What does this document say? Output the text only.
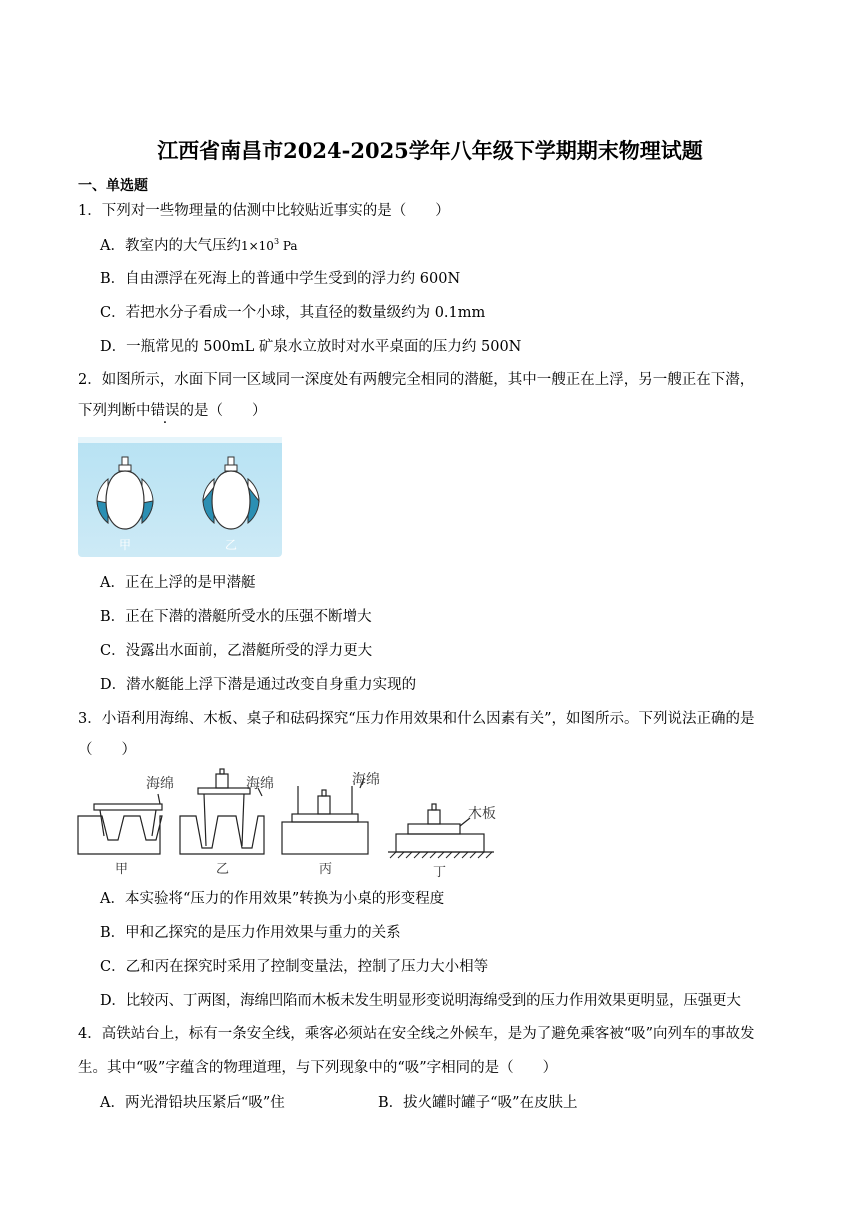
江西省南昌市2024-2025学年八年级下学期期末物理试题
一、单选题
1．下列对一些物理量的估测中比较贴近事实的是（　　）
A．教室内的大气压约$1\times 10^3$ Pa
B．自由漂浮在死海上的普通中学生受到的浮力约 600N
C．若把水分子看成一个小球，其直径的数量级约为 0.1mm
D．一瓶常见的 500mL 矿泉水立放时对水平桌面的压力约 500N
2．如图所示，水面下同一区域同一深度处有两艘完全相同的潜艇，其中一艘正在上浮，另一艘正在下潜，
下列判断中错误的是（　　）
甲	乙
A．正在上浮的是甲潜艇
B．正在下潜的潜艇所受水的压强不断增大
C．没露出水面前，乙潜艇所受的浮力更大
D．潜水艇能上浮下潜是通过改变自身重力实现的
3．小语利用海绵、木板、桌子和砝码探究“压力作用效果和什么因素有关”，如图所示。下列说法正确的是
（　　）
海绵	海绵	海绵
木板
甲	乙	丙	丁
A．本实验将“压力的作用效果”转换为小桌的形变程度
B．甲和乙探究的是压力作用效果与重力的关系
C．乙和丙在探究时采用了控制变量法，控制了压力大小相等
D．比较丙、丁两图，海绵凹陷而木板未发生明显形变说明海绵受到的压力作用效果更明显，压强更大
4．高铁站台上，标有一条安全线，乘客必须站在安全线之外候车，是为了避免乘客被“吸”向列车的事故发
生。其中“吸”字蕴含的物理道理，与下列现象中的“吸”字相同的是（　　）
A．两光滑铅块压紧后“吸”住	B．拔火罐时罐子“吸”在皮肤上
